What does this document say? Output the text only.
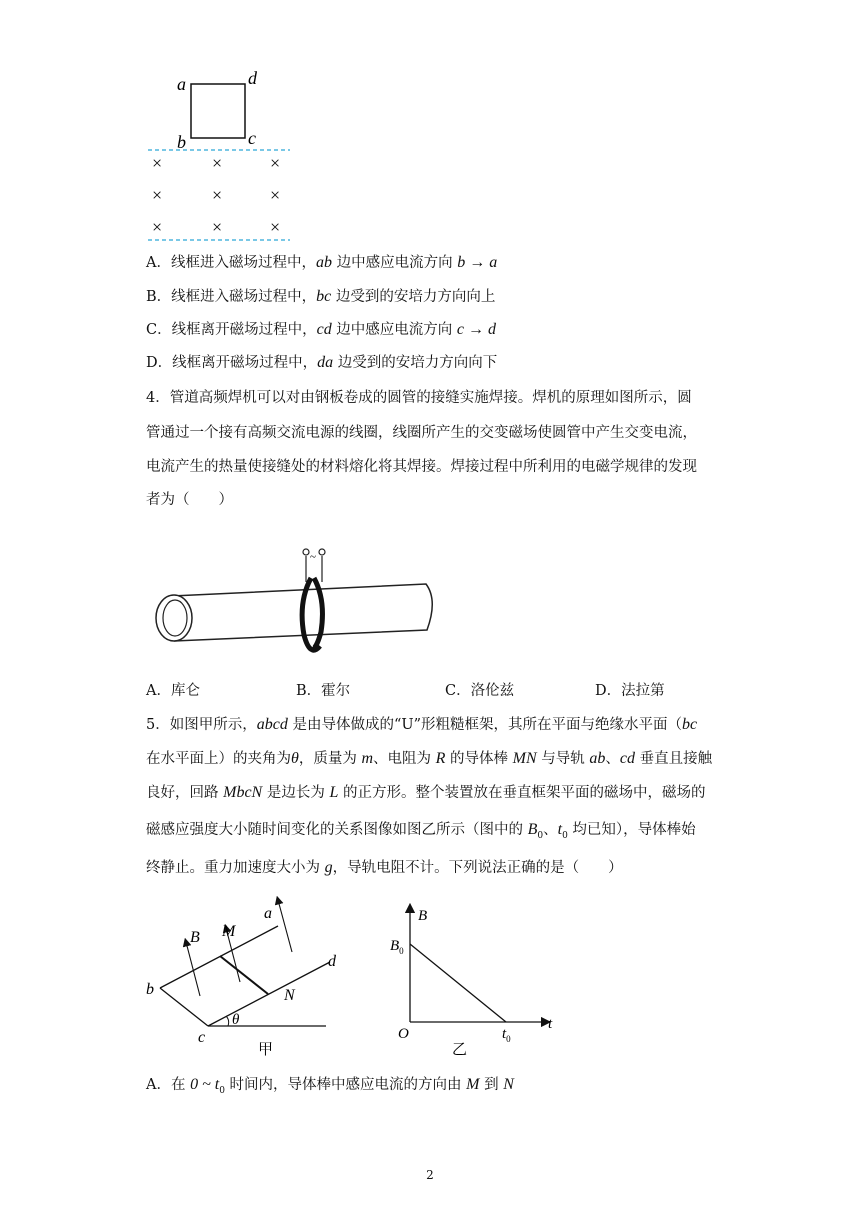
a	d
b	c
×	×	×
×	×	×
×	×	×
A．线框进入磁场过程中，ab 边中感应电流方向 b → a
B．线框进入磁场过程中，bc 边受到的安培力方向向上
C．线框离开磁场过程中，cd 边中感应电流方向 c → d
D．线框离开磁场过程中，da 边受到的安培力方向向下
4．管道高频焊机可以对由钢板卷成的圆管的接缝实施焊接。焊机的原理如图所示，圆
管通过一个接有高频交流电源的线圈，线圈所产生的交变磁场使圆管中产生交变电流，
电流产生的热量使接缝处的材料熔化将其焊接。焊接过程中所利用的电磁学规律的发现
者为（　　）
~
A．库仑	B．霍尔	C．洛伦兹	D．法拉第
5．如图甲所示，abcd 是由导体做成的“U”形粗糙框架，其所在平面与绝缘水平面（bc
在水平面上）的夹角为θ，质量为 m、电阻为 R 的导体棒 MN 与导轨 ab、cd 垂直且接触
良好，回路 MbcN 是边长为 L 的正方形。整个装置放在垂直框架平面的磁场中，磁场的
磁感应强度大小随时间变化的关系图像如图乙所示（图中的 $B_0$、$t_0$ 均已知），导体棒始
终静止。重力加速度大小为 g，导轨电阻不计。下列说法正确的是（　　）
B M
a
b
c
d
N
θ
甲
B
$B_0$
O
t
$t_0$
乙
A．在 0 ~ $t_0$ 时间内，导体棒中感应电流的方向由 M 到 N
2
